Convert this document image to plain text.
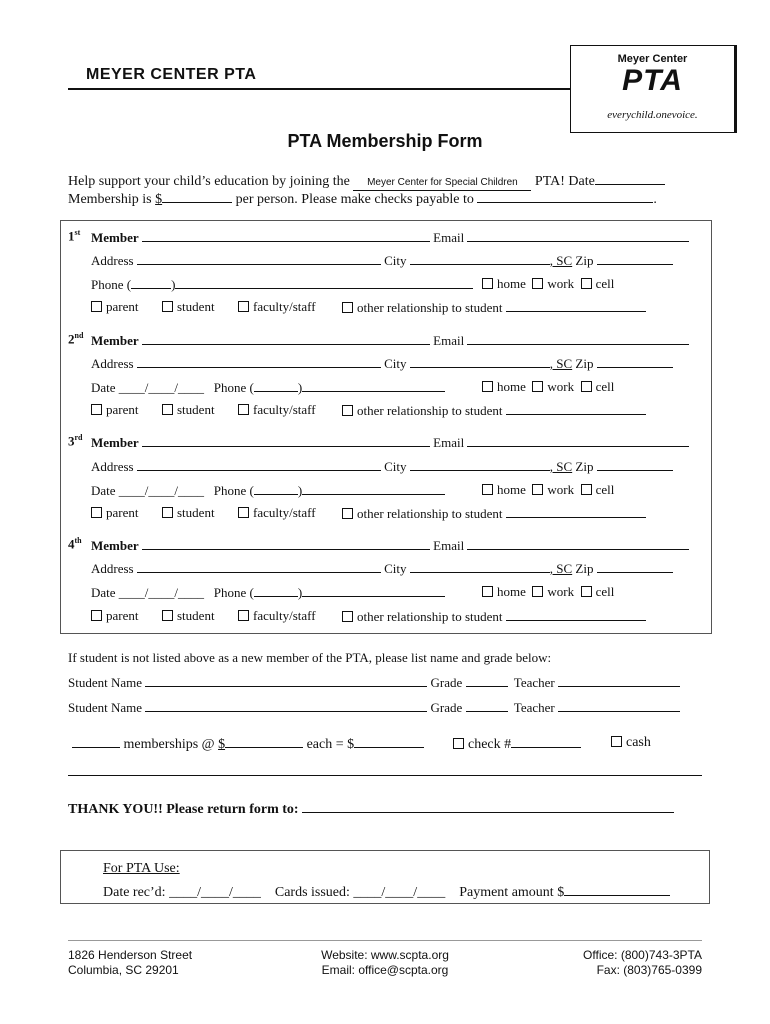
MEYER CENTER PTA
Meyer Center
PTA
everychild.onevoice.
PTA Membership Form
Help support your child’s education by joining the Meyer Center for Special Children PTA! Date
Membership is $	per person. Please make checks payable to	.
1st Member	Email
Address	City	, SC Zip
Phone (	)	home work cell
parent	student	faculty/staff	other relationship to student
2nd Member	Email
Address	City	, SC Zip
Date ____/____/____ Phone (	)	home work cell
parent	student	faculty/staff	other relationship to student
3rd Member	Email
Address	City	, SC Zip
Date ____/____/____ Phone (	)	home work cell
parent	student	faculty/staff	other relationship to student
4th Member	Email
Address	City	, SC Zip
Date ____/____/____ Phone (	)	home work cell
parent	student	faculty/staff	other relationship to student
If student is not listed above as a new member of the PTA, please list name and grade below:
Student Name	Grade	Teacher
Student Name	Grade	Teacher
memberships @ $	each = $	check #	cash
THANK YOU!! Please return form to:
For PTA Use:
Date rec’d: ____/____/____ Cards issued: ____/____/____ Payment amount $
1826 Henderson Street
Columbia, SC 29201
Website: www.scpta.org
Email: office@scpta.org
Office: (800)743-3PTA
Fax: (803)765-0399
